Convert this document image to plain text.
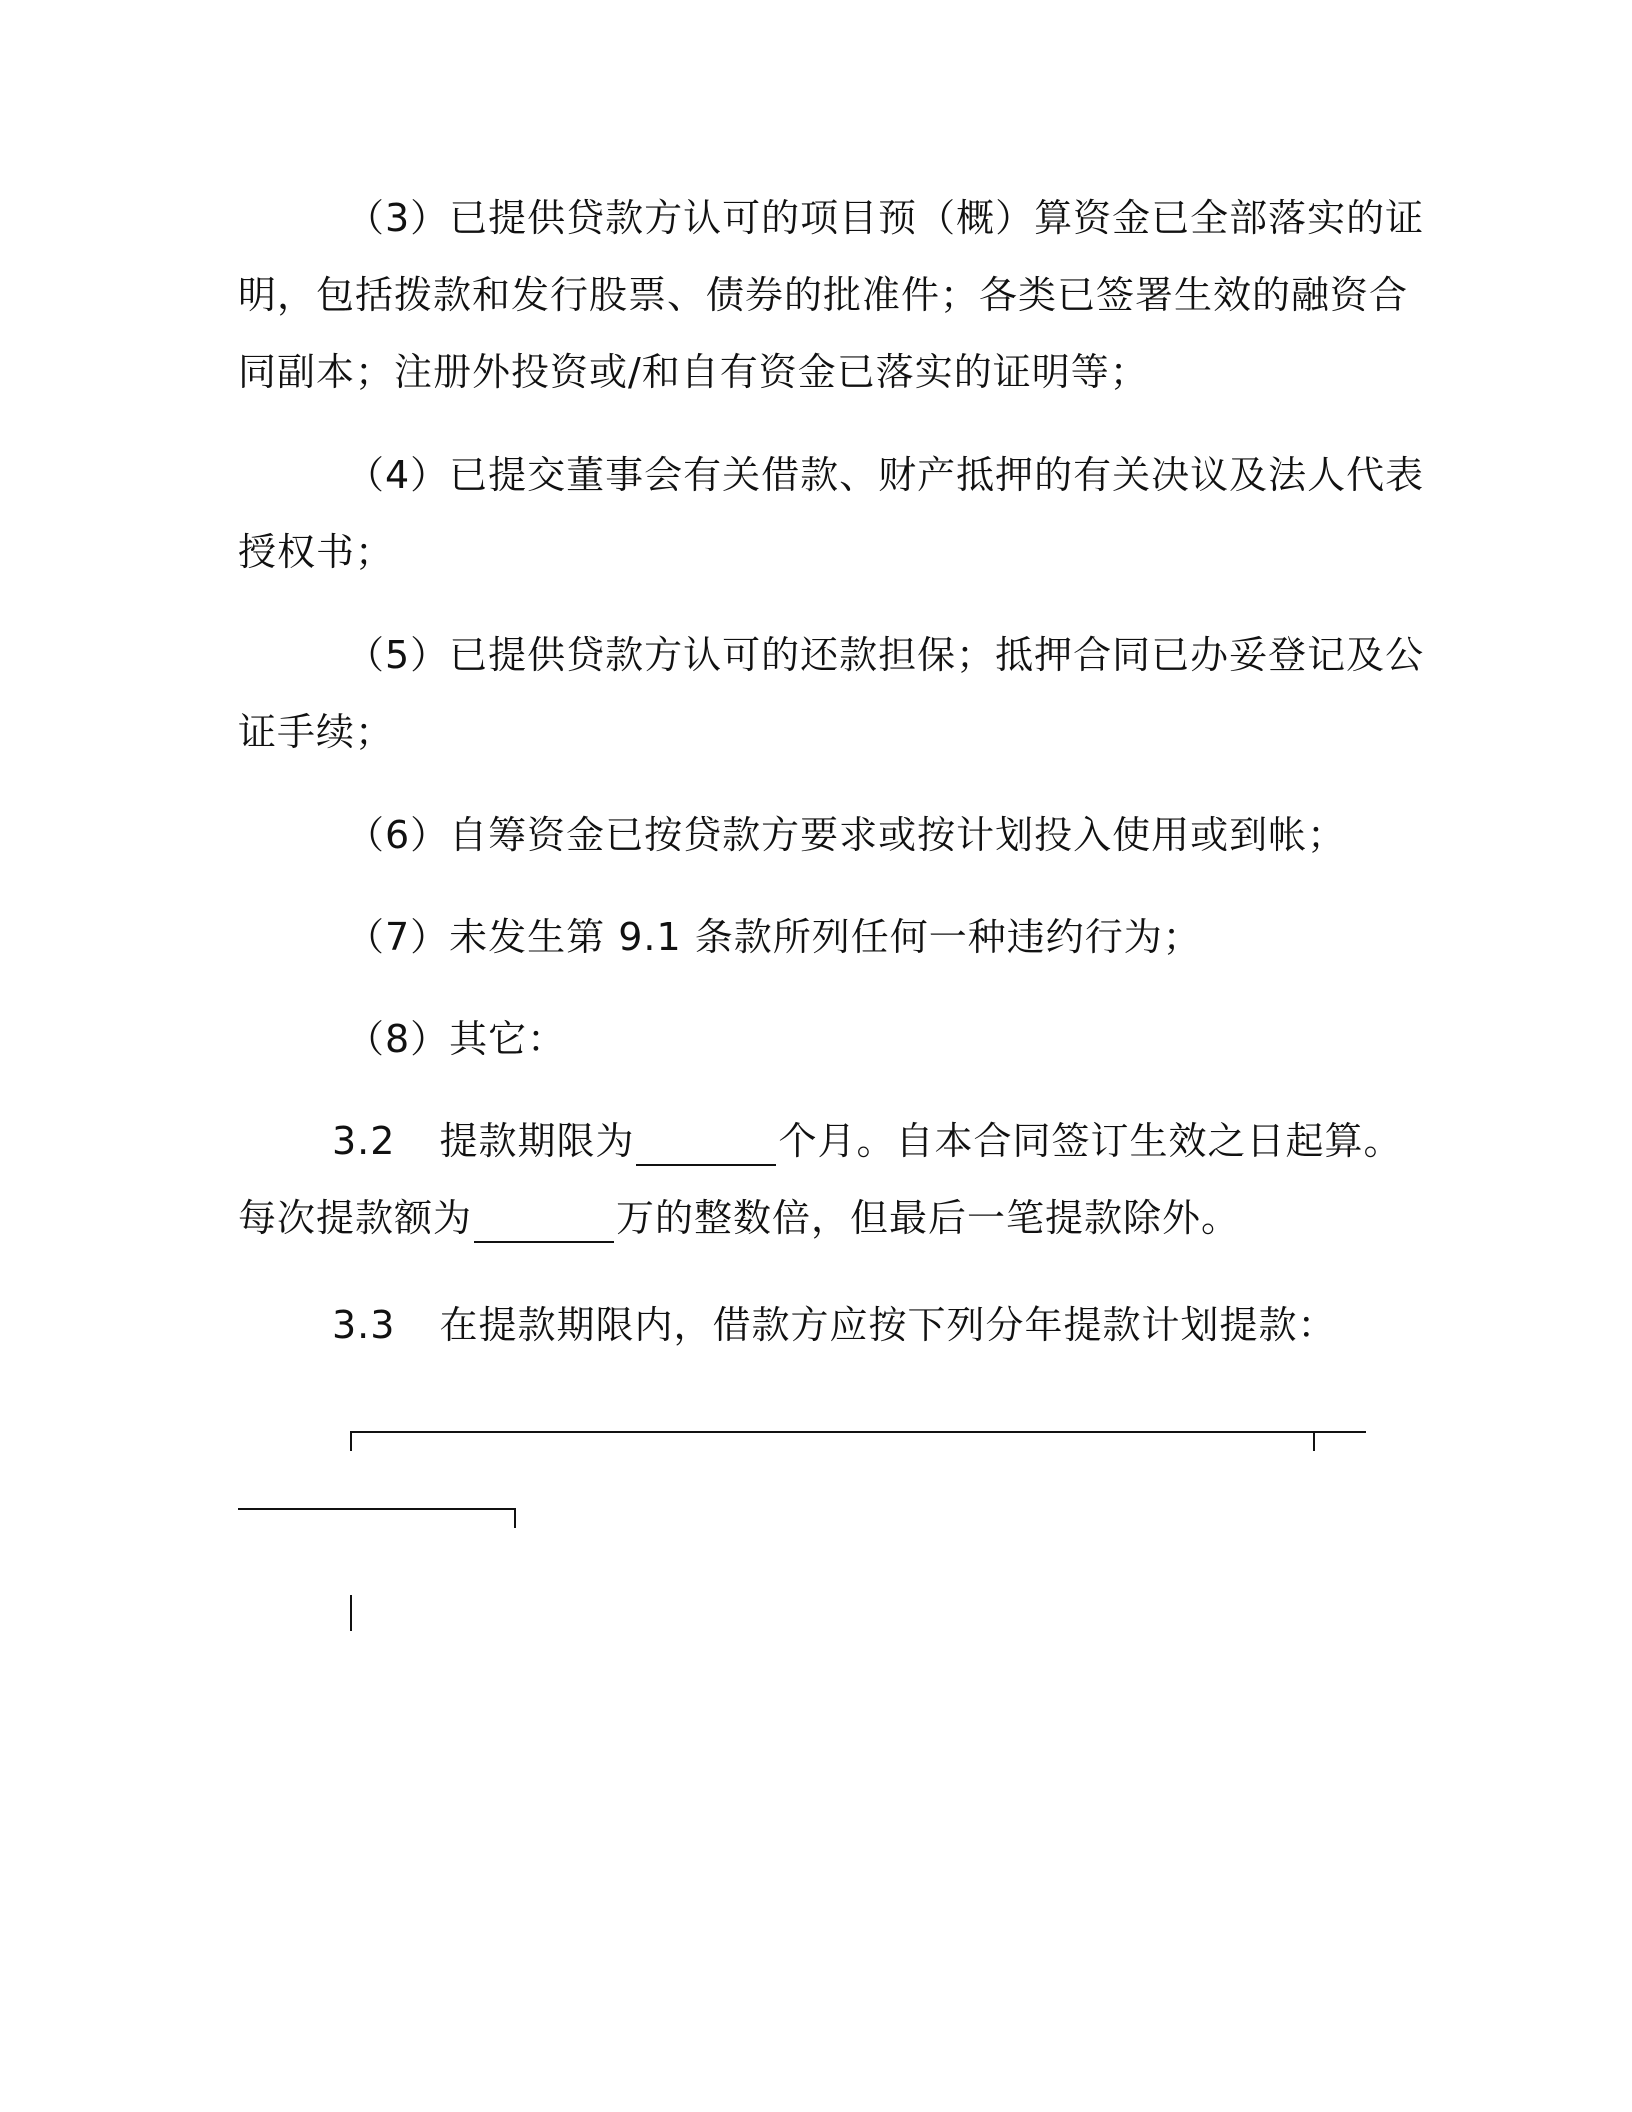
（3）已提供贷款方认可的项目预（概）算资金已全部落实的证
明，包括拨款和发行股票、债券的批准件；各类已签署生效的融资合
同副本；注册外投资或/和自有资金已落实的证明等；
（4）已提交董事会有关借款、财产抵押的有关决议及法人代表
授权书；
（5）已提供贷款方认可的还款担保；抵押合同已办妥登记及公
证手续；
（6）自筹资金已按贷款方要求或按计划投入使用或到帐；
（7）未发生第 9.1 条款所列任何一种违约行为；
（8）其它：
3.2 提款期限为	个月。自本合同签订生效之日起算。
每次提款额为	万的整数倍，但最后一笔提款除外。
3.3 在提款期限内，借款方应按下列分年提款计划提款：
